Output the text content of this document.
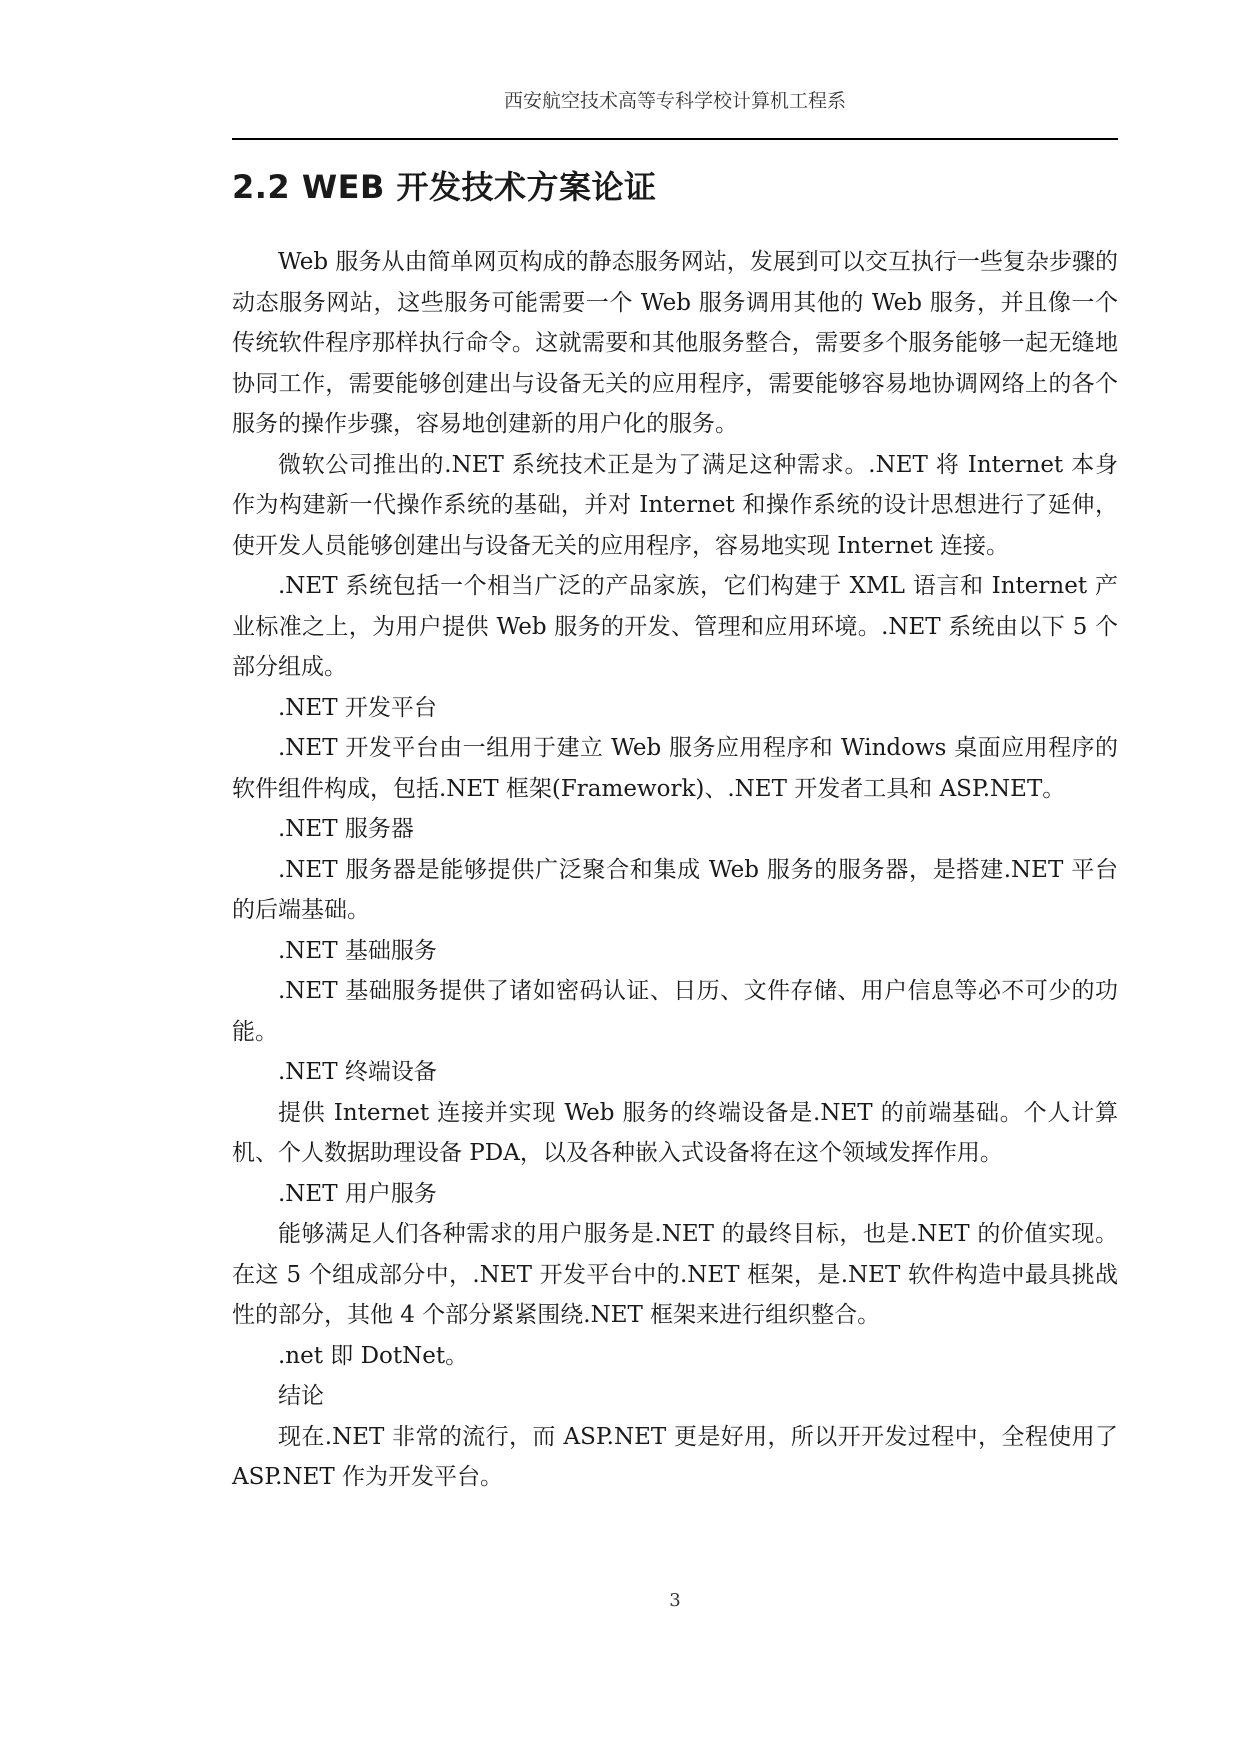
西安航空技术高等专科学校计算机工程系
2.2 WEB 开发技术方案论证

Web 服务从由简单网页构成的静态服务网站，发展到可以交互执行一些复杂步骤的动态服务网站，这些服务可能需要一个 Web 服务调用其他的 Web 服务，并且像一个传统软件程序那样执行命令。这就需要和其他服务整合，需要多个服务能够一起无缝地协同工作，需要能够创建出与设备无关的应用程序，需要能够容易地协调网络上的各个服务的操作步骤，容易地创建新的用户化的服务。

微软公司推出的.NET 系统技术正是为了满足这种需求。.NET 将 Internet 本身作为构建新一代操作系统的基础，并对 Internet 和操作系统的设计思想进行了延伸，使开发人员能够创建出与设备无关的应用程序，容易地实现 Internet 连接。

.NET 系统包括一个相当广泛的产品家族，它们构建于 XML 语言和 Internet 产业标准之上，为用户提供 Web 服务的开发、管理和应用环境。.NET 系统由以下 5 个部分组成。

.NET 开发平台

.NET 开发平台由一组用于建立 Web 服务应用程序和 Windows 桌面应用程序的软件组件构成，包括.NET 框架(Framework)、.NET 开发者工具和 ASP.NET。

.NET 服务器

.NET 服务器是能够提供广泛聚合和集成 Web 服务的服务器，是搭建.NET 平台的后端基础。

.NET 基础服务

.NET 基础服务提供了诸如密码认证、日历、文件存储、用户信息等必不可少的功能。

.NET 终端设备

提供 Internet 连接并实现 Web 服务的终端设备是.NET 的前端基础。个人计算机、个人数据助理设备 PDA，以及各种嵌入式设备将在这个领域发挥作用。

.NET 用户服务

能够满足人们各种需求的用户服务是.NET 的最终目标，也是.NET 的价值实现。在这 5 个组成部分中，.NET 开发平台中的.NET 框架，是.NET 软件构造中最具挑战性的部分，其他 4 个部分紧紧围绕.NET 框架来进行组织整合。

.net 即 DotNet。

结论

现在.NET 非常的流行，而 ASP.NET 更是好用，所以开开发过程中，全程使用了 ASP.NET 作为开发平台。

3
